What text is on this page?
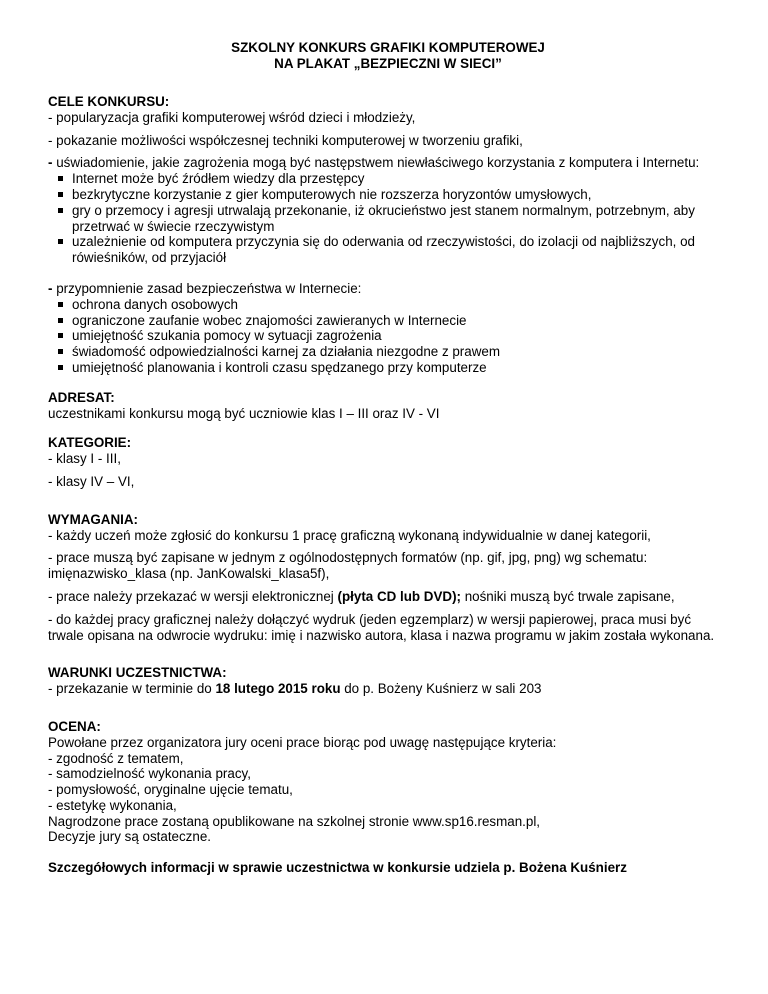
SZKOLNY KONKURS GRAFIKI KOMPUTEROWEJ
NA PLAKAT „BEZPIECZNI W SIECI”
CELE KONKURSU:

- popularyzacja grafiki komputerowej wśród dzieci i młodzieży,

- pokazanie możliwości współczesnej techniki komputerowej w tworzeniu grafiki,

- uświadomienie, jakie zagrożenia mogą być następstwem niewłaściwego korzystania z komputera i Internetu:

Internet może być źródłem wiedzy dla przestępcy
bezkrytyczne korzystanie z gier komputerowych nie rozszerza horyzontów umysłowych,
gry o przemocy i agresji utrwalają przekonanie, iż okrucieństwo jest stanem normalnym, potrzebnym, aby przetrwać w świecie rzeczywistym
uzależnienie od komputera przyczynia się do oderwania od rzeczywistości, do izolacji od najbliższych, od rówieśników, od przyjaciół

- przypomnienie zasad bezpieczeństwa w Internecie:

ochrona danych osobowych
ograniczone zaufanie wobec znajomości zawieranych w Internecie
umiejętność szukania pomocy w sytuacji zagrożenia
świadomość odpowiedzialności karnej za działania niezgodne z prawem
umiejętność planowania i kontroli czasu spędzanego przy komputerze
ADRESAT:

uczestnikami konkursu mogą być uczniowie klas I – III oraz IV - VI

KATEGORIE:

- klasy I - III,

- klasy IV – VI,

WYMAGANIA:

- każdy uczeń może zgłosić do konkursu 1 pracę graficzną wykonaną indywidualnie w danej kategorii,

- prace muszą być zapisane w jednym z ogólnodostępnych formatów (np. gif, jpg, png) wg schematu: imięnazwisko_klasa (np. JanKowalski_klasa5f),

- prace należy przekazać w wersji elektronicznej (płyta CD lub DVD); nośniki muszą być trwale zapisane,

- do każdej pracy graficznej należy dołączyć wydruk (jeden egzemplarz) w wersji papierowej, praca musi być trwale opisana na odwrocie wydruku: imię i nazwisko autora, klasa i nazwa programu w jakim została wykonana.

WARUNKI UCZESTNICTWA:

- przekazanie w terminie do 18 lutego 2015 roku do p. Bożeny Kuśnierz w sali 203

OCENA:

Powołane przez organizatora jury oceni prace biorąc pod uwagę następujące kryteria:

- zgodność z tematem,

- samodzielność wykonania pracy,

- pomysłowość, oryginalne ujęcie tematu,

- estetykę wykonania,

Nagrodzone prace zostaną opublikowane na szkolnej stronie www.sp16.resman.pl,

Decyzje jury są ostateczne.

Szczegółowych informacji w sprawie uczestnictwa w konkursie udziela p. Bożena Kuśnierz
